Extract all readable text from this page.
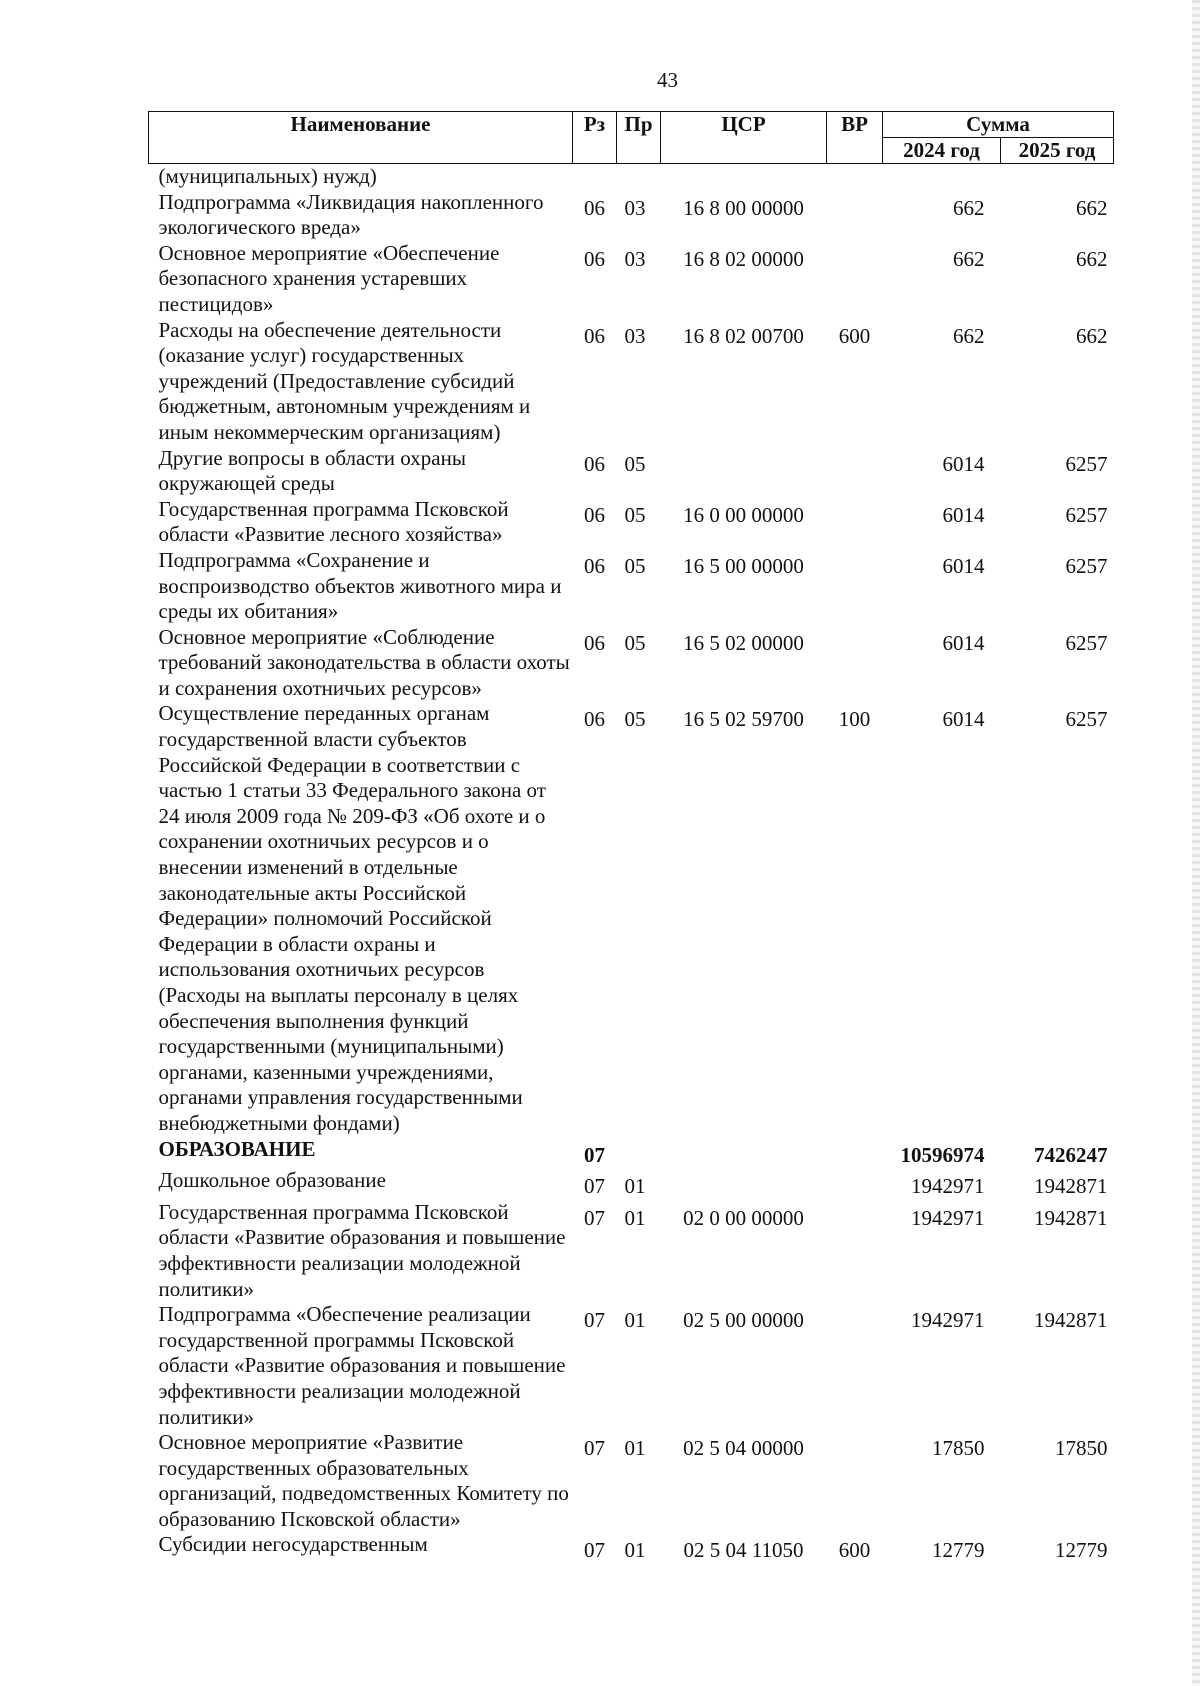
43
Наименование	Рз	Пр	ЦСР	ВР	Сумма	
					2024 год	2025 год
(муниципальных) нужд)						
Подпрограмма «Ликвидация накопленного экологического вреда»	06	03	16 8 00 00000		662	662
Основное мероприятие «Обеспечение безопасного хранения устаревших пестицидов»	06	03	16 8 02 00000		662	662
Расходы на обеспечение деятельности (оказание услуг) государственных учреждений (Предоставление субсидий бюджетным, автономным учреждениям и иным некоммерческим организациям)	06	03	16 8 02 00700	600	662	662
Другие вопросы в области охраны окружающей среды	06	05			6014	6257
Государственная программа Псковской области «Развитие лесного хозяйства»	06	05	16 0 00 00000		6014	6257
Подпрограмма «Сохранение и воспроизводство объектов животного мира и среды их обитания»	06	05	16 5 00 00000		6014	6257
Основное мероприятие «Соблюдение требований законодательства в области охоты и сохранения охотничьих ресурсов»	06	05	16 5 02 00000		6014	6257
Осуществление переданных органам государственной власти субъектов Российской Федерации в соответствии с частью 1 статьи 33 Федерального закона от 24 июля 2009 года № 209-ФЗ «Об охоте и о сохранении охотничьих ресурсов и о внесении изменений в отдельные законодательные акты Российской Федерации» полномочий Российской Федерации в области охраны и использования охотничьих ресурсов (Расходы на выплаты персоналу в целях обеспечения выполнения функций государственными (муниципальными) органами, казенными учреждениями, органами управления государственными внебюджетными фондами)	06	05	16 5 02 59700	100	6014	6257
ОБРАЗОВАНИЕ	07				10596974	7426247
Дошкольное образование	07	01			1942971	1942871
Государственная программа Псковской области «Развитие образования и повышение эффективности реализации молодежной политики»	07	01	02 0 00 00000		1942971	1942871
Подпрограмма «Обеспечение реализации государственной программы Псковской области «Развитие образования и повышение эффективности реализации молодежной политики»	07	01	02 5 00 00000		1942971	1942871
Основное мероприятие «Развитие государственных образовательных организаций, подведомственных Комитету по образованию Псковской области»	07	01	02 5 04 00000		17850	17850
Субсидии негосударственным	07	01	02 5 04 11050	600	12779	12779
